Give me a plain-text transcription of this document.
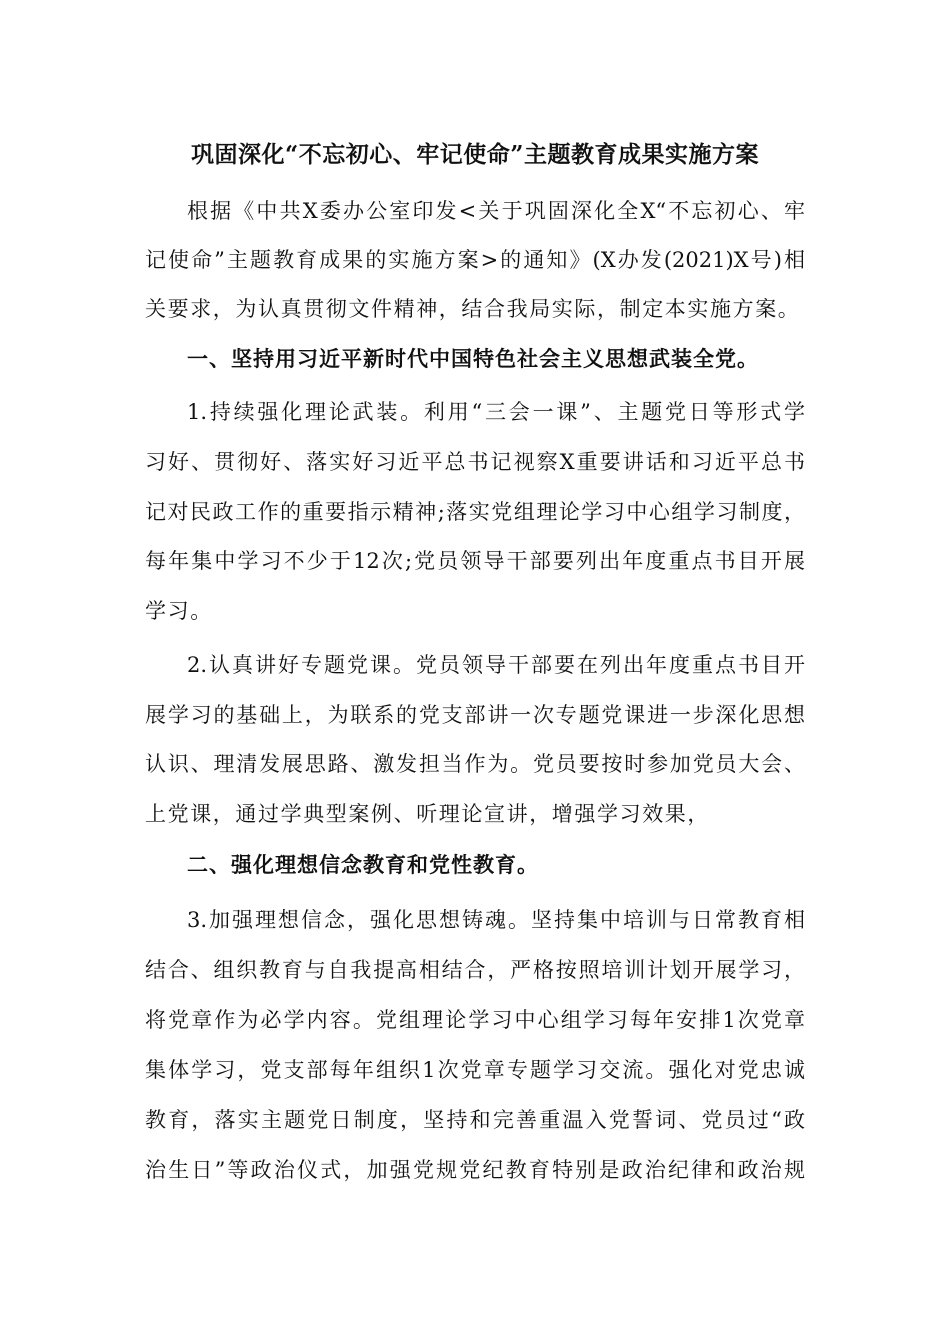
巩固深化“不忘初心、牢记使命”主题教育成果实施方案
根据《中共X委办公室印发<关于巩固深化全X“不忘初心、牢
记使命”主题教育成果的实施方案>的通知》(X办发(2021)X号)相
关要求，为认真贯彻文件精神，结合我局实际，制定本实施方案。
一、坚持用习近平新时代中国特色社会主义思想武装全党。
1.持续强化理论武装。利用“三会一课”、主题党日等形式学
习好、贯彻好、落实好习近平总书记视察X重要讲话和习近平总书
记对民政工作的重要指示精神;落实党组理论学习中心组学习制度，
每年集中学习不少于12次;党员领导干部要列出年度重点书目开展
学习。
2.认真讲好专题党课。党员领导干部要在列出年度重点书目开
展学习的基础上，为联系的党支部讲一次专题党课进一步深化思想
认识、理清发展思路、激发担当作为。党员要按时参加党员大会、
上党课，通过学典型案例、听理论宣讲，增强学习效果，
二、强化理想信念教育和党性教育。
3.加强理想信念，强化思想铸魂。坚持集中培训与日常教育相
结合、组织教育与自我提高相结合，严格按照培训计划开展学习，
将党章作为必学内容。党组理论学习中心组学习每年安排1次党章
集体学习，党支部每年组织1次党章专题学习交流。强化对党忠诚
教育，落实主题党日制度，坚持和完善重温入党誓词、党员过“政
治生日”等政治仪式，加强党规党纪教育特别是政治纪律和政治规
